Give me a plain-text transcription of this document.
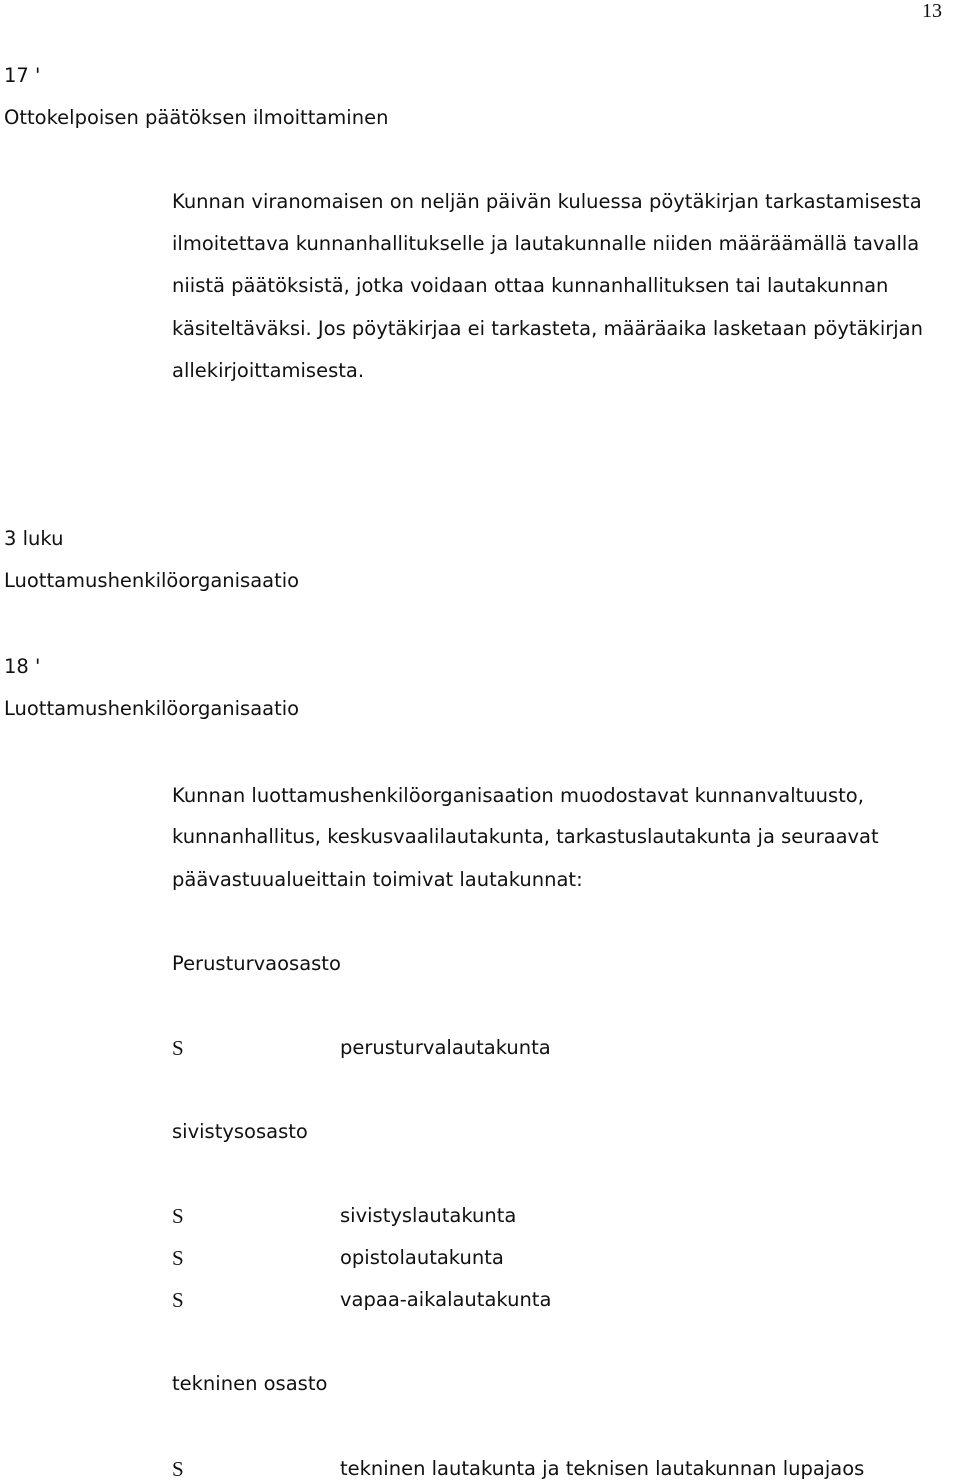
13
17 '
Ottokelpoisen päätöksen ilmoittaminen
Kunnan viranomaisen on neljän päivän kuluessa pöytäkirjan tarkastamisesta
ilmoitettava kunnanhallitukselle ja lautakunnalle niiden määräämällä tavalla
niistä päätöksistä, jotka voidaan ottaa kunnanhallituksen tai lautakunnan
käsiteltäväksi. Jos pöytäkirjaa ei tarkasteta, määräaika lasketaan pöytäkirjan
allekirjoittamisesta.
3 luku
Luottamushenkilöorganisaatio
18 '
Luottamushenkilöorganisaatio
Kunnan luottamushenkilöorganisaation muodostavat kunnanvaltuusto,
kunnanhallitus, keskusvaalilautakunta, tarkastuslautakunta ja seuraavat
päävastuualueittain toimivat lautakunnat:
Perusturvaosasto
S	perusturvalautakunta
sivistysosasto
S	sivistyslautakunta
S	opistolautakunta
S	vapaa-aikalautakunta
tekninen osasto
S	tekninen lautakunta ja teknisen lautakunnan lupajaos
